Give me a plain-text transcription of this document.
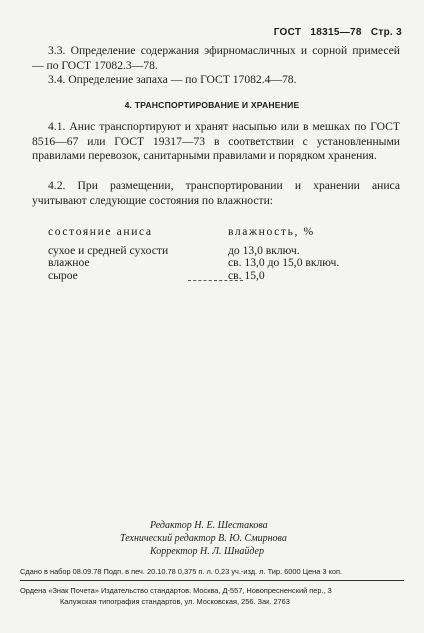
ГОСТ 18315—78 Стр. 3
3.3. Определение содержания эфирномасличных и сорной примесей — по ГОСТ 17082.3—78.
3.4. Определение запаха — по ГОСТ 17082.4—78.
4. ТРАНСПОРТИРОВАНИЕ И ХРАНЕНИЕ
4.1. Анис транспортируют и хранят насыпью или в мешках по ГОСТ 8516—67 или ГОСТ 19317—73 в соответствии с установленными правилами перевозок, санитарными правилами и порядком хранения.
4.2. При размещении, транспортировании и хранении аниса учитывают следующие состояния по влажности:
состояние аниса	влажность, %
сухое и средней сухости	до 13,0 включ.
влажное	св. 13,0 до 15,0 включ.
сырое	св. 15,0
Редактор Н. Е. Шестакова
Технический редактор В. Ю. Смирнова
Корректор Н. Л. Шнайдер
Сдано в набор 08.09.78 Подп. в печ. 20.10.78 0,375 п. л. 0,23 уч.-изд. л. Тир. 6000 Цена 3 коп.
Ордена «Знак Почета» Издательство стандартов. Москва, Д-557, Новопресненский пер., 3
Калужская типография стандартов, ул. Московская, 256. Зак. 2763
